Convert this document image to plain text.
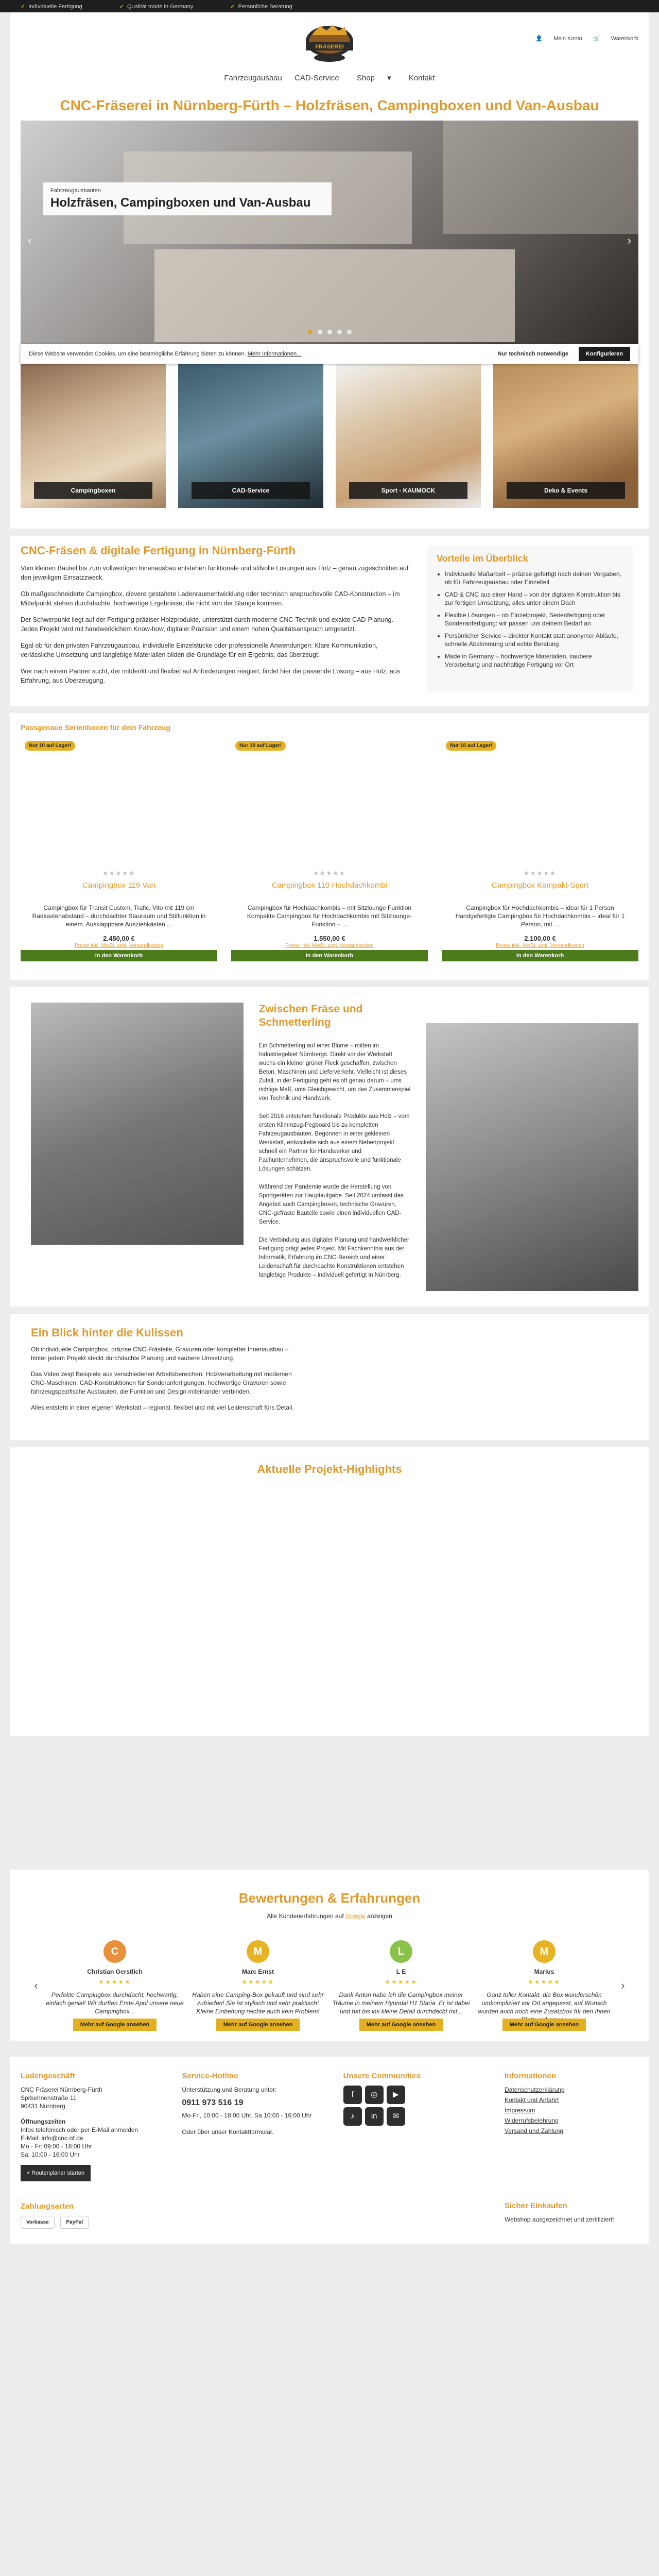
✓ Individuelle Fertigung	✓ Qualität made in Germany	✓ Persönliche Beratung
FRÄSEREI
👤 Mein Konto 🛒 Warenkorb
Fahrzeugausbau CAD-Service Shop ▾ Kontakt
CNC-Fräserei in Nürnberg-Fürth – Holzfräsen, Campingboxen und Van-Ausbau
Fahrzeugausbauten
Holzfräsen, Campingboxen und Van-Ausbau
‹	›
Campingboxen	CAD-Service	Sport - KAUMOCK	Deko & Events
Diese Website verwendet Cookies, um eine bestmögliche Erfahrung bieten zu können. Mehr Informationen...	Nur technisch notwendige	Konfigurieren
CNC-Fräsen & digitale Fertigung in Nürnberg-Fürth

Vom kleinen Bauteil bis zum vollwertigen Innenausbau entstehen funktionale und stilvolle Lösungen aus Holz – genau zugeschnitten auf den jeweiligen Einsatzzweck.

Ob maßgeschneiderte Campingbox, clevere gestaltete Ladenraumentwicklung oder technisch anspruchsvolle CAD-Konstruktion – im Mittelpunkt stehen durchdachte, hochwertige Ergebnisse, die nicht von der Stange kommen.

Der Schwerpunkt liegt auf der Fertigung präziser Holzprodukte, unterstützt durch moderne CNC-Technik und exakte CAD-Planung. Jedes Projekt wird mit handwerklichem Know-how, digitaler Präzision und einem hohen Qualitätsanspruch umgesetzt.

Egal ob für den privaten Fahrzeugausbau, individuelle Einzelstücke oder professionelle Anwendungen: Klare Kommunikation, verlässliche Umsetzung und langlebige Materialien bilden die Grundlage für ein Ergebnis, das überzeugt.

Wer nach einem Partner sucht, der mitdenkt und flexibel auf Anforderungen reagiert, findet hier die passende Lösung – aus Holz, aus Erfahrung, aus Überzeugung.

Vorteile im Überblick
• Individuelle Maßarbeit – präzise gefertigt nach deinen Vorgaben, ob für Fahrzeugausbau oder Einzelteil
• CAD & CNC aus einer Hand – von der digitalen Konstruktion bis zur fertigen Umsetzung, alles unter einem Dach
• Flexible Lösungen – ob Einzelprojekt, Serienfertigung oder Sonderanfertigung: wir passen uns deinem Bedarf an
• Persönlicher Service – direkter Kontakt statt anonymer Abläufe, schnelle Abstimmung und echte Beratung
• Made in Germany – hochwertige Materialien, saubere Verarbeitung und nachhaltige Fertigung vor Ort
Passgenaue Serienboxen für dein Fahrzeug
Nur 10 auf Lager!
★★★★★
Campingbox 119 Van
Campingbox für Transit Custom, Trafic, Vito mit 119 cm Radkastenabstand – durchdachter Stauraum und Stilfunktion in einem. Ausklappbare Ausziehkästen ...
2.450,00 €
Preise inkl. MwSt. zzgl. Versandkosten
In den Warenkorb
Nur 10 auf Lager!
★★★★★
Campingbox 110 Hochdachkombi
Campingbox für Hochdachkombis – mit Sitzlounge Funktion Kompakte Campingbox für Hochdachkombis mit Sitzlounge-Funktion – ...
1.550,00 €
Preise inkl. MwSt. zzgl. Versandkosten
In den Warenkorb
Nur 10 auf Lager!
★★★★★
Campingbox Kompakt-Sport
Campingbox für Hochdachkombis – ideal für 1 Person Handgefertigte Campingbox für Hochdachkombis – Ideal für 1 Person, mit ...
2.100,00 €
Preise inkl. MwSt. zzgl. Versandkosten
In den Warenkorb
Zwischen Fräse und Schmetterling

Ein Schmetterling auf einer Blume – mitten im Industriegebiet Nürnbergs. Direkt vor der Werkstatt wuchs ein kleiner grüner Fleck geschaffen, zwischen Beton, Maschinen und Lieferverkehr. Vielleicht ist dieses Zufall, in der Fertigung geht es oft genau darum – ums richtige Maß, ums Gleichgewicht, um das Zusammenspiel von Technik und Handwerk.

Seit 2016 entstehen funktionale Produkte aus Holz – vom ersten Klimmzug-Pegboard bis zu kompletten Fahrzeugausbauten. Begonnen in einer gekleinen Werkstatt, entwickelte sich aus einem Nebenprojekt schnell ein Partner für Handwerker und Fachunternehmen, die anspruchsvolle und funktionale Lösungen schätzen.

Während der Pandemie wurde die Herstellung von Sportgeräten zur Hauptaufgabe. Seit 2024 umfasst das Angebot auch Campingboxen, technische Gravuren, CNC-gefräste Bauteile sowie einen individuellen CAD-Service.

Die Verbindung aus digitaler Planung und handwerklicher Fertigung prägt jedes Projekt. Mit Fachkenntnis aus der Informatik, Erfahrung im CNC-Bereich und einer Leidenschaft für durchdachte Konstruktionen entstehen langlebige Produkte – individuell gefertigt in Nürnberg.

Ein Blick hinter die Kulissen

Ob individuelle Campingbox, präzise CNC-Frästeile, Gravuren oder kompletter Innenausbau – hinter jedem Projekt steckt durchdachte Planung und saubere Umsetzung.

Das Video zeigt Beispiele aus verschiedenen Arbeitsbereichen: Holzverarbeitung mit modernen CNC-Maschinen, CAD-Konstruktionen für Sonderanfertigungen, hochwertige Gravuren sowie fahrzeugspezifische Ausbauten, die Funktion und Design miteinander verbinden.

Alles entsteht in einer eigenen Werkstatt – regional, flexibel und mit viel Leidenschaft fürs Detail.

Aktuelle Projekt-Highlights
Bewertungen & Erfahrungen
Alle Kundenerfahrungen auf Google anzeigen
‹
C
Christian Gerstlich
★★★★★
Perfekte Campingbox durchdacht, hochwertig, einfach genial! Wir durften Erste April unsere neue Campingbox...
Mehr auf Google ansehen
M
Marc Ernst
★★★★★
Haben eine Camping-Box gekauft und sind sehr zufrieden! Sie ist stylisch und sehr praktisch! Kleine Einbettung reichte auch kein Problem!
Mehr auf Google ansehen
L
L E
★★★★★
Dank Anton habe ich die Campingbox meiner Träume in meinem Hyundai H1 Staria. Er ist dabei und hat bis ins kleine Detail durchdacht mit...
Mehr auf Google ansehen
M
Marius
★★★★★
Ganz toller Kontakt, die Box wunderschön umkompliziert vor Ort angepasst, auf Wunsch wurden auch noch eine Zusatzbox für den Ihnen
Mehr auf Google ansehen
›
Ladengeschäft
CNC Fräserei Nürnberg-Fürth
Sprbehnenstraße 11
90431 Nürnberg
Öffnungszeiten
Infos telefonisch oder per E-Mail anmelden
E-Mail: info@cnc-nf.de
Mo - Fr: 09:00 - 18:00 Uhr
Sa: 10:00 - 16:00 Uhr
⌖ Routenplaner starten
Service-Hotline
Unterstützung und Beratung unter:
0911 973 516 19
Mo-Fr., 10:00 - 18:00 Uhr, Sa 10:00 - 16:00 Uhr
Oder über unser Kontaktformular.
Unsere Communities
f ◎ ▶
♪ in ✉
Informationen
Datenschutzerklärung
Kontakt und Anfahrt
Impressum
Widerrufsbelehrung
Versand und Zahlung
Zahlungsarten
Vorkasse	PayPal
Sicher Einkaufen
Webshop ausgezeichnet und zertifiziert!
